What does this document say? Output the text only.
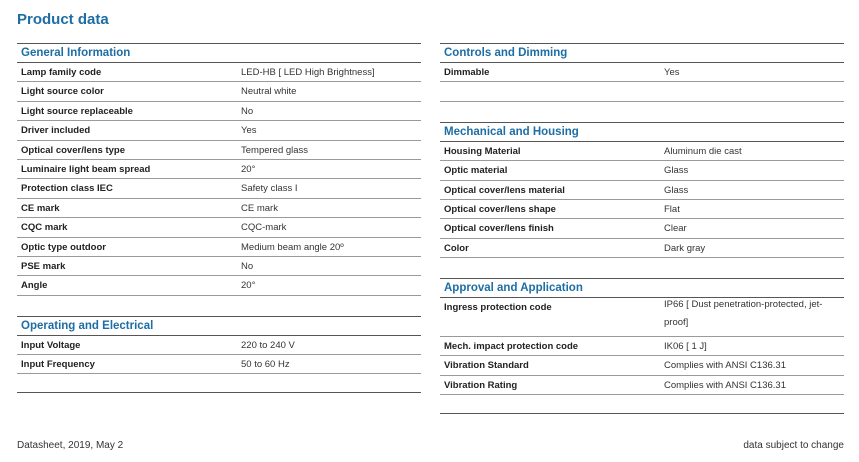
Product data
General Information
Lamp family code	LED-HB [ LED High Brightness]
Light source color	Neutral white
Light source replaceable	No
Driver included	Yes
Optical cover/lens type	Tempered glass
Luminaire light beam spread	20°
Protection class IEC	Safety class I
CE mark	CE mark
CQC mark	CQC-mark
Optic type outdoor	Medium beam angle 20º
PSE mark	No
Angle	20°
Operating and Electrical
Input Voltage	220 to 240 V
Input Frequency	50 to 60 Hz
Controls and Dimming
Dimmable	Yes
Mechanical and Housing
Housing Material	Aluminum die cast
Optic material	Glass
Optical cover/lens material	Glass
Optical cover/lens shape	Flat
Optical cover/lens finish	Clear
Color	Dark gray
Approval and Application
Ingress protection code	IP66 [ Dust penetration-protected, jet-proof]
Mech. impact protection code	IK06 [ 1 J]
Vibration Standard	Complies with ANSI C136.31
Vibration Rating	Complies with ANSI C136.31
Datasheet, 2019, May 2	data subject to change
